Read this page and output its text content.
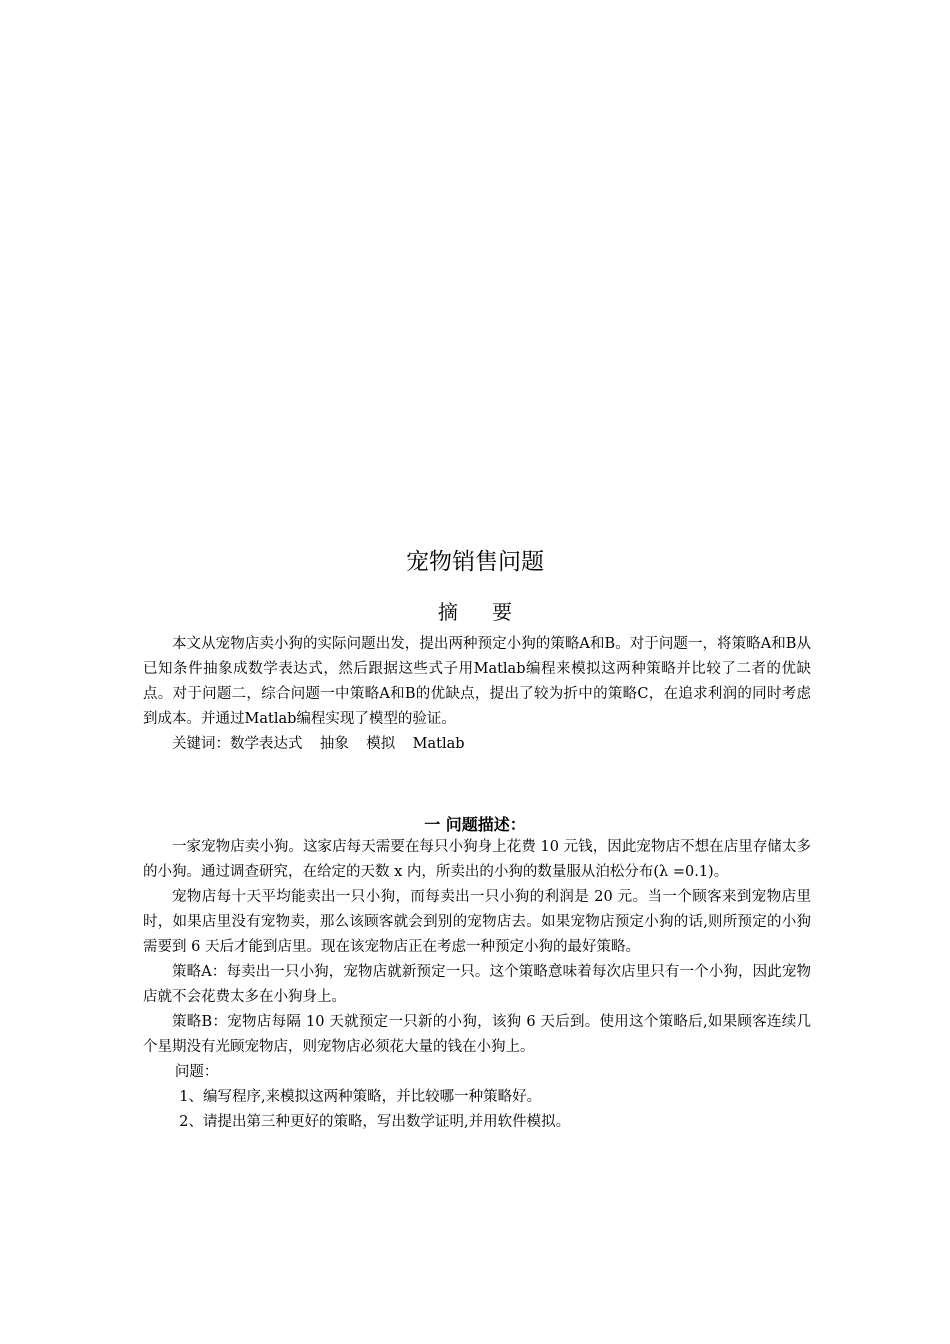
宠物销售问题
摘 要

本文从宠物店卖小狗的实际问题出发，提出两种预定小狗的策略A和B。对于问题一，将策略A和B从已知条件抽象成数学表达式，然后跟据这些式子用Matlab编程来模拟这两种策略并比较了二者的优缺点。对于问题二，综合问题一中策略A和B的优缺点，提出了较为折中的策略C，在追求利润的同时考虑到成本。并通过Matlab编程实现了模型的验证。

关键词：数学表达式 抽象 模拟 Matlab

一 问题描述：

一家宠物店卖小狗。这家店每天需要在每只小狗身上花费 10 元钱，因此宠物店不想在店里存储太多的小狗。通过调查研究，在给定的天数 x 内，所卖出的小狗的数量服从泊松分布(λ =0.1)。

宠物店每十天平均能卖出一只小狗，而每卖出一只小狗的利润是 20 元。当一个顾客来到宠物店里时，如果店里没有宠物卖，那么该顾客就会到别的宠物店去。如果宠物店预定小狗的话,则所预定的小狗需要到 6 天后才能到店里。现在该宠物店正在考虑一种预定小狗的最好策略。

策略A：每卖出一只小狗，宠物店就新预定一只。这个策略意味着每次店里只有一个小狗，因此宠物店就不会花费太多在小狗身上。

策略B：宠物店每隔 10 天就预定一只新的小狗，该狗 6 天后到。使用这个策略后,如果顾客连续几个星期没有光顾宠物店，则宠物店必须花大量的钱在小狗上。

问题：
1、编写程序,来模拟这两种策略，并比较哪一种策略好。
2、请提出第三种更好的策略，写出数学证明,并用软件模拟。
